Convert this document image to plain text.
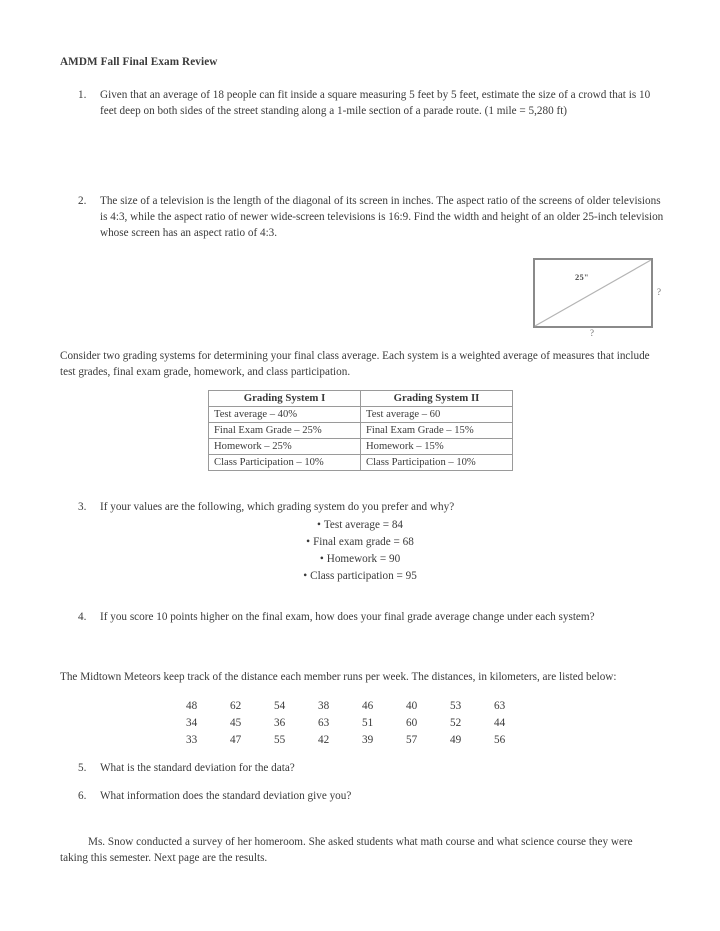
AMDM Fall Final Exam Review
1.	Given that an average of 18 people can fit inside a square measuring 5 feet by 5 feet, estimate the size of a crowd that is 10 feet deep on both sides of the street standing along a 1-mile section of a parade route. (1 mile = 5,280 ft)
2.	The size of a television is the length of the diagonal of its screen in inches. The aspect ratio of the screens of older televisions is 4:3, while the aspect ratio of newer wide-screen televisions is 16:9. Find the width and height of an older 25-inch television whose screen has an aspect ratio of 4:3.
25"
?
?
Consider two grading systems for determining your final class average. Each system is a weighted average of measures that include test grades, final exam grade, homework, and class participation.
Grading System I	Grading System II
Test average – 40%	Test average – 60
Final Exam Grade – 25%	Final Exam Grade – 15%
Homework – 25%	Homework – 15%
Class Participation – 10%	Class Participation – 10%
3.	If your values are the following, which grading system do you prefer and why?
• Test average = 84
• Final exam grade = 68
• Homework = 90
• Class participation = 95
4.	If you score 10 points higher on the final exam, how does your final grade average change under each system?
The Midtown Meteors keep track of the distance each member runs per week. The distances, in kilometers, are listed below:
48	62	54	38	46	40	53	63
34	45	36	63	51	60	52	44
33	47	55	42	39	57	49	56
5.	What is the standard deviation for the data?
6.	What information does the standard deviation give you?
Ms. Snow conducted a survey of her homeroom. She asked students what math course and what science course they were taking this semester. Next page are the results.
